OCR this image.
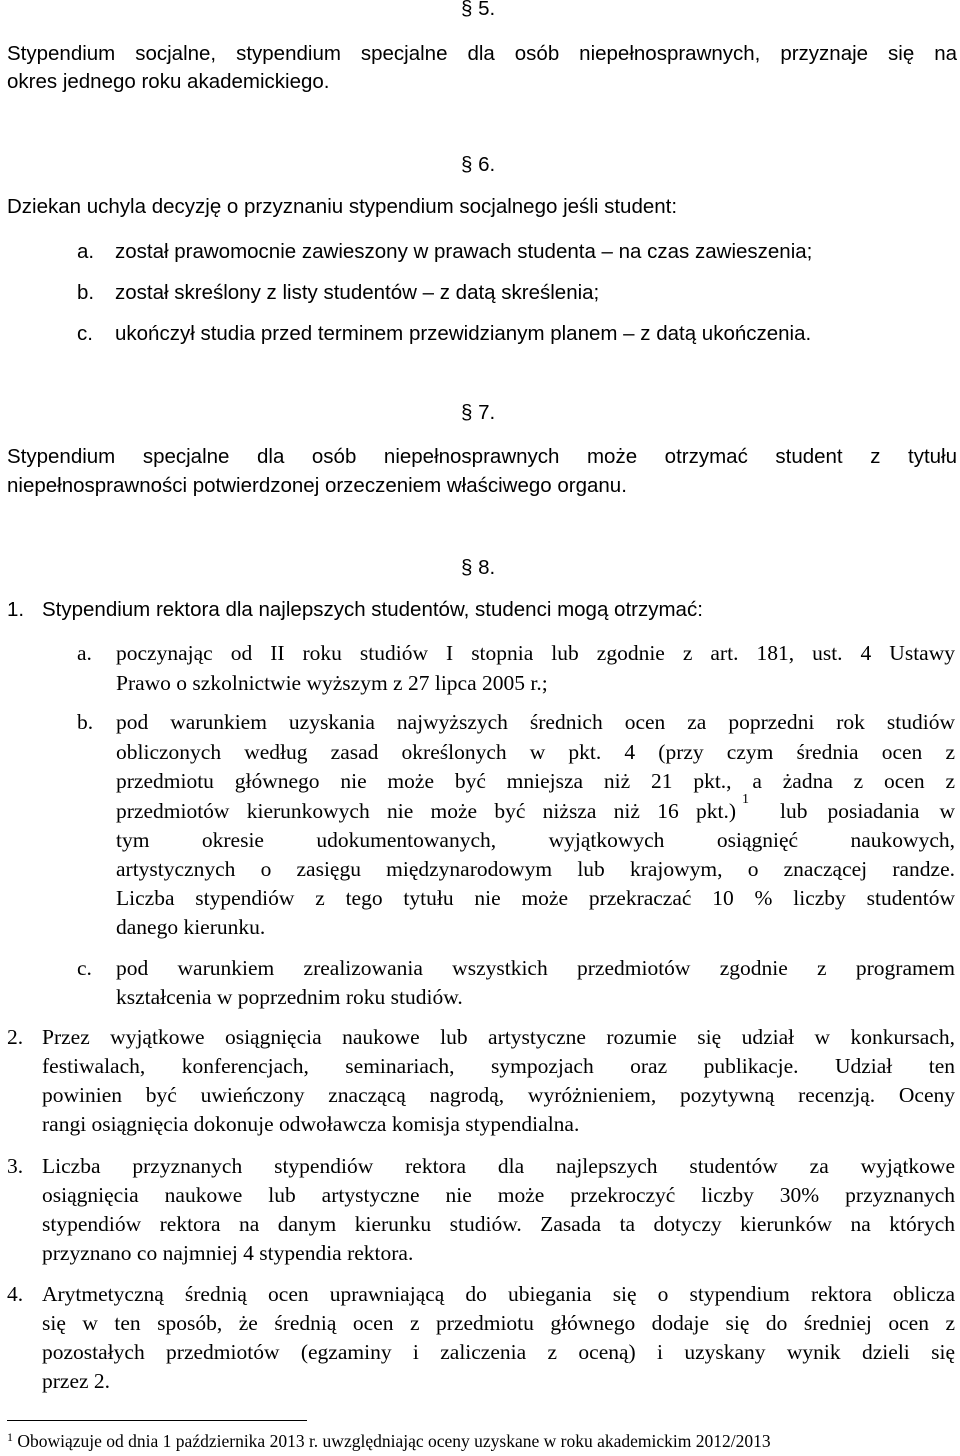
§ 5.
Stypendium socjalne, stypendium specjalne dla osób niepełnosprawnych, przyznaje się na
okres jednego roku akademickiego.
§ 6.
Dziekan uchyla decyzję o przyznaniu stypendium socjalnego jeśli student:
a. został prawomocnie zawieszony w prawach studenta – na czas zawieszenia;
b. został skreślony z listy studentów – z datą skreślenia;
c. ukończył studia przed terminem przewidzianym planem – z datą ukończenia.
§ 7.
Stypendium specjalne dla osób niepełnosprawnych może otrzymać student z tytułu
niepełnosprawności potwierdzonej orzeczeniem właściwego organu.
§ 8.
1. Stypendium rektora dla najlepszych studentów, studenci mogą otrzymać:
a. poczynając od II roku studiów I stopnia lub zgodnie z art. 181, ust. 4 Ustawy
Prawo o szkolnictwie wyższym z 27 lipca 2005 r.;
b. pod warunkiem uzyskania najwyższych średnich ocen za poprzedni rok studiów
obliczonych według zasad określonych w pkt. 4 (przy czym średnia ocen z
przedmiotu głównego nie może być mniejsza niż 21 pkt., a żadna z ocen z
przedmiotów kierunkowych nie może być niższa niż 16 pkt.) 1 lub posiadania w
tym okresie udokumentowanych, wyjątkowych osiągnięć naukowych,
artystycznych o zasięgu międzynarodowym lub krajowym, o znaczącej randze.
Liczba stypendiów z tego tytułu nie może przekraczać 10 % liczby studentów
danego kierunku.
c. pod warunkiem zrealizowania wszystkich przedmiotów zgodnie z programem
kształcenia w poprzednim roku studiów.
2. Przez wyjątkowe osiągnięcia naukowe lub artystyczne rozumie się udział w konkursach,
festiwalach, konferencjach, seminariach, sympozjach oraz publikacje. Udział ten
powinien być uwieńczony znaczącą nagrodą, wyróżnieniem, pozytywną recenzją. Oceny
rangi osiągnięcia dokonuje odwoławcza komisja stypendialna.
3. Liczba przyznanych stypendiów rektora dla najlepszych studentów za wyjątkowe
osiągnięcia naukowe lub artystyczne nie może przekroczyć liczby 30% przyznanych
stypendiów rektora na danym kierunku studiów. Zasada ta dotyczy kierunków na których
przyznano co najmniej 4 stypendia rektora.
4. Arytmetyczną średnią ocen uprawniającą do ubiegania się o stypendium rektora oblicza
się w ten sposób, że średnią ocen z przedmiotu głównego dodaje się do średniej ocen z
pozostałych przedmiotów (egzaminy i zaliczenia z oceną) i uzyskany wynik dzieli się
przez 2.
$^1$ Obowiązuje od dnia 1 października 2013 r. uwzględniając oceny uzyskane w roku akademickim 2012/2013
